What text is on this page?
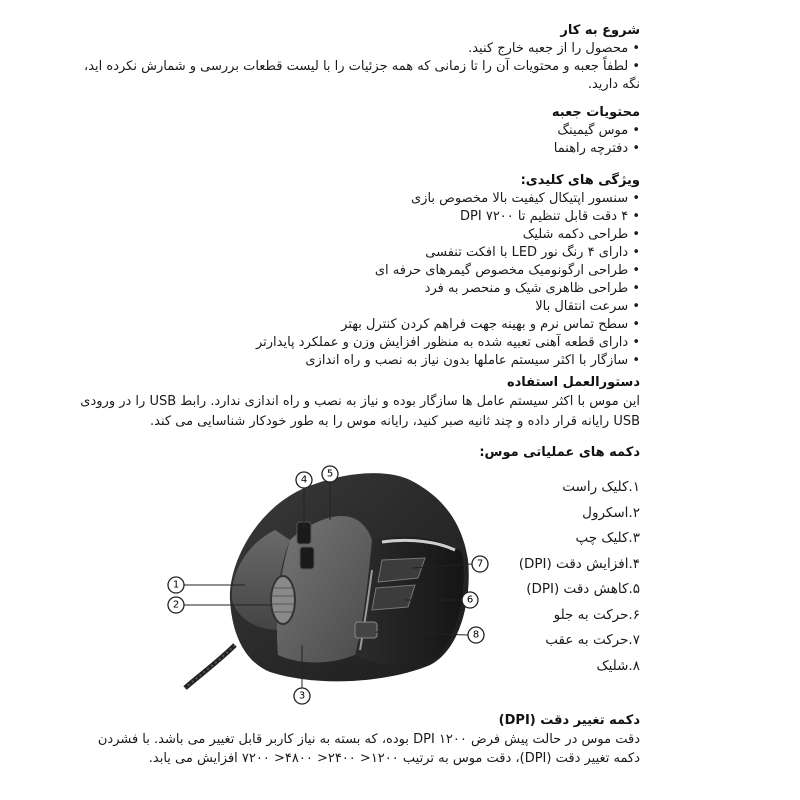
شروع به کار
• محصول را از جعبه خارج کنید.
• لطفاً جعبه و محتویات آن را تا زمانی که همه جزئیات را با لیست قطعات بررسی و شمارش نکرده اید، نگه دارید.
محتویات جعبه
• موس گیمینگ
• دفترچه راهنما
ویژگی های کلیدی:
• سنسور اپتیکال کیفیت بالا مخصوص بازی
• ۴ دقت قابل تنظیم تا DPI ۷۲۰۰
• طراحی دکمه شلیک
• دارای ۴ رنگ نور LED با افکت تنفسی
• طراحی ارگونومیک مخصوص گیمرهای حرفه ای
• طراحی ظاهری شیک و منحصر به فرد
• سرعت انتقال بالا
• سطح تماس نرم و بهینه جهت فراهم کردن کنترل بهتر
• دارای قطعه آهنی تعبیه شده به منظور افزایش وزن و عملکرد پایدارتر
• سازگار با اکثر سیستم عاملها بدون نیاز به نصب و راه اندازی
دستورالعمل استفاده
این موس با اکثر سیستم عامل ها سازگار بوده و نیاز به نصب و راه اندازی ندارد. رابط USB را در ورودی USB رایانه قرار داده و چند ثانیه صبر کنید، رایانه موس را به طور خودکار شناسایی می کند.
دکمه های عملیاتی موس:
۱.کلیک راست
۲.اسکرول
۳.کلیک چپ
۴.افزایش دقت (DPI)
۵.کاهش دقت (DPI)
۶.حرکت به جلو
۷.حرکت به عقب
۸.شلیک
1
2
3
4
5
6
7
8
دکمه تغییر دقت (DPI)
دقت موس در حالت پیش فرض ۱۲۰۰ DPI بوده، که بسته به نیاز کاربر قابل تغییر می باشد. با فشردن دکمه تغییر دقت (DPI)، دقت موس به ترتیب ۱۲۰۰< ۲۴۰۰< ۴۸۰۰< ۷۲۰۰ افزایش می یابد.
